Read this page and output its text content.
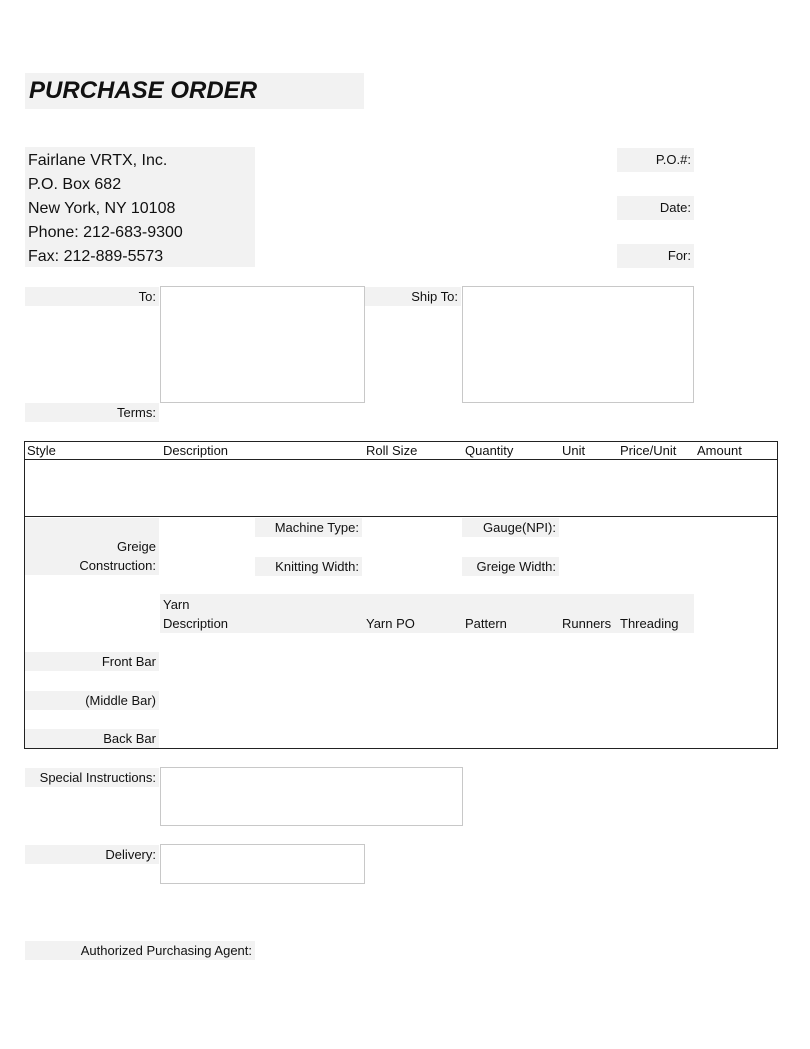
PURCHASE ORDER
Fairlane VRTX, Inc.
P.O. Box 682
New York, NY 10108
Phone: 212-683-9300
Fax: 212-889-5573
P.O.#:
Date:
For:
To:	Ship To:
Terms:
Style	Description	Roll Size	Quantity	Unit	Price/Unit Amount
Greige
Construction:
Machine Type:	Gauge(NPI):
Knitting Width:	Greige Width:
Yarn
Description	Yarn PO	Pattern	Runners Threading
Front Bar
(Middle Bar)
Back Bar
Special Instructions:
Delivery:
Authorized Purchasing Agent:
